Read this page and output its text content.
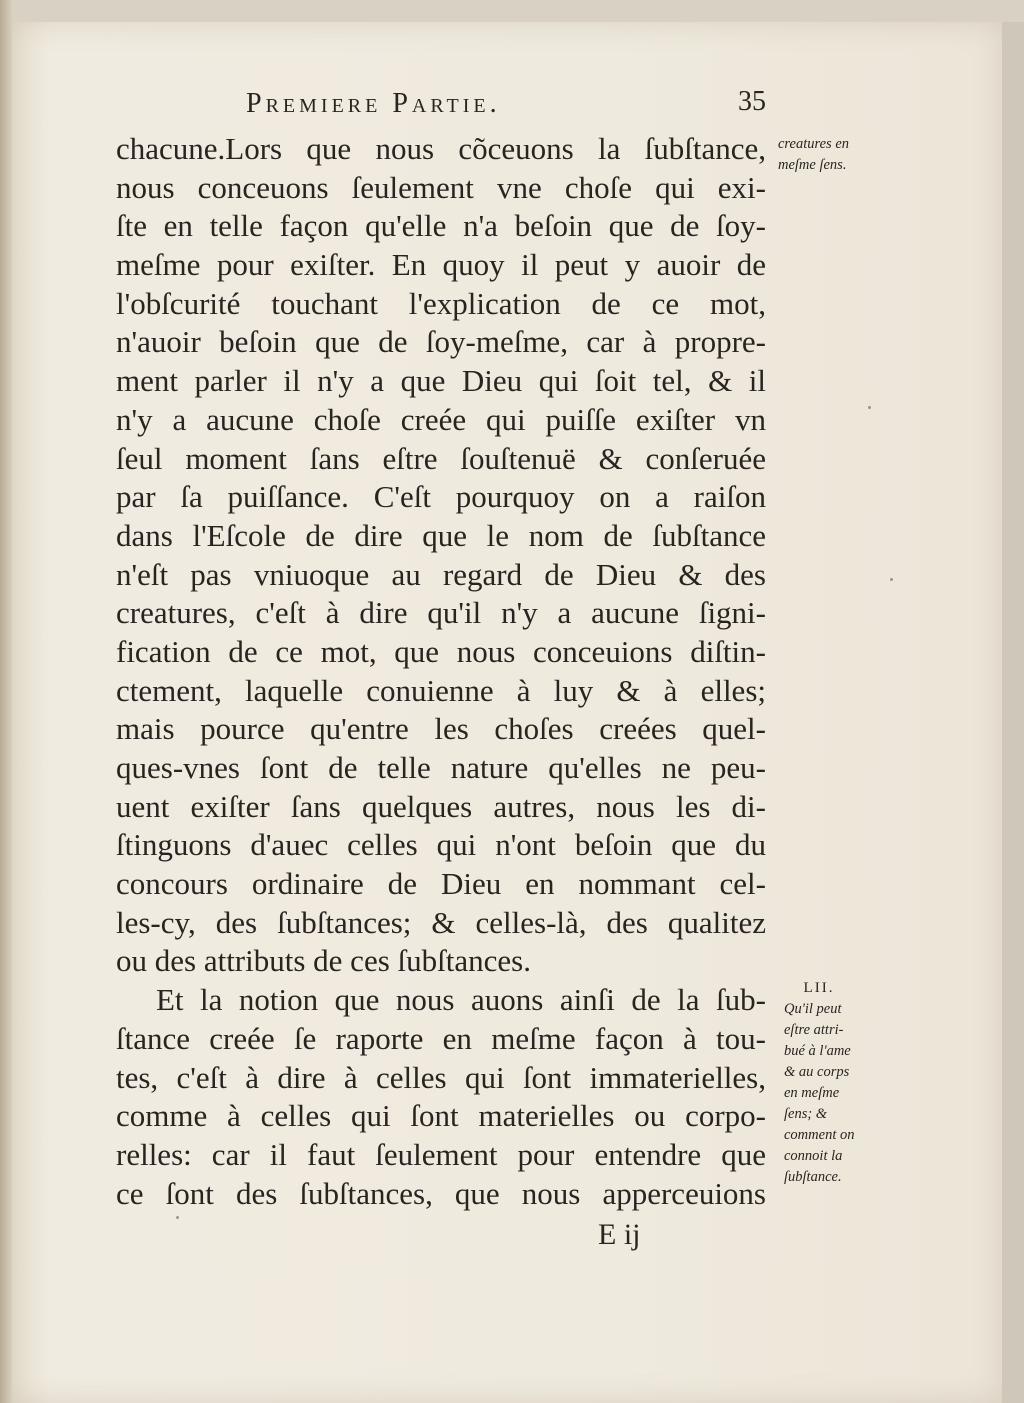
Premiere Partie.	35
chacune.Lors que nous cõceuons la ſubſtance,
nous conceuons ſeulement vne choſe qui exi-
ſte en telle façon qu'elle n'a beſoin que de ſoy-
meſme pour exiſter. En quoy il peut y auoir de
l'obſcurité touchant l'explication de ce mot,
n'auoir beſoin que de ſoy-meſme, car à propre-
ment parler il n'y a que Dieu qui ſoit tel, & il
n'y a aucune choſe creée qui puiſſe exiſter vn
ſeul moment ſans eſtre ſouſtenuë & conſeruée
par ſa puiſſance. C'eſt pourquoy on a raiſon
dans l'Eſcole de dire que le nom de ſubſtance
n'eſt pas vniuoque au regard de Dieu & des
creatures, c'eſt à dire qu'il n'y a aucune ſigni-
fication de ce mot, que nous conceuions diſtin-
ctement, laquelle conuienne à luy & à elles;
mais pource qu'entre les choſes creées quel-
ques-vnes ſont de telle nature qu'elles ne peu-
uent exiſter ſans quelques autres, nous les di-
ſtinguons d'auec celles qui n'ont beſoin que du
concours ordinaire de Dieu en nommant cel-
les-cy, des ſubſtances; & celles-là, des qualitez
ou des attributs de ces ſubſtances.
Et la notion que nous auons ainſi de la ſub-
ſtance creée ſe raporte en meſme façon à tou-
tes, c'eſt à dire à celles qui ſont immaterielles,
comme à celles qui ſont materielles ou corpo-
relles: car il faut ſeulement pour entendre que
ce ſont des ſubſtances, que nous apperceuions
E ij
creatures en
meſme ſens.
LII.
Qu'il peut
eſtre attri-
bué à l'ame
& au corps
en meſme
ſens; &
comment on
connoit la
ſubſtance.
